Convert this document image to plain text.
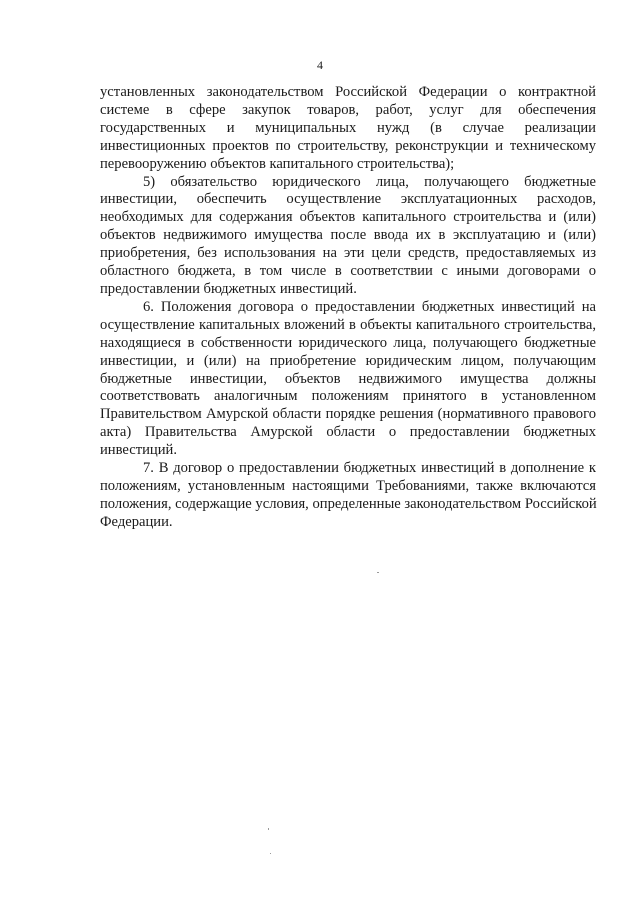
4
установленных законодательством Российской Федерации о контрактной
системе в сфере закупок товаров, работ, услуг для обеспечения
государственных и муниципальных нужд (в случае реализации
инвестиционных проектов по строительству, реконструкции и техническому
перевооружению объектов капитального строительства);
5) обязательство юридического лица, получающего бюджетные
инвестиции, обеспечить осуществление эксплуатационных расходов,
необходимых для содержания объектов капитального строительства и (или)
объектов недвижимого имущества после ввода их в эксплуатацию и (или)
приобретения, без использования на эти цели средств, предоставляемых из
областного бюджета, в том числе в соответствии с иными договорами о
предоставлении бюджетных инвестиций.
6. Положения договора о предоставлении бюджетных инвестиций на
осуществление капитальных вложений в объекты капитального строительства,
находящиеся в собственности юридического лица, получающего бюджетные
инвестиции, и (или) на приобретение юридическим лицом, получающим
бюджетные инвестиции, объектов недвижимого имущества должны
соответствовать аналогичным положениям принятого в установленном
Правительством Амурской области порядке решения (нормативного правового
акта) Правительства Амурской области о предоставлении бюджетных
инвестиций.
7. В договор о предоставлении бюджетных инвестиций в дополнение к
положениям, установленным настоящими Требованиями, также включаются
положения, содержащие условия, определенные законодательством Российской
Федерации.
